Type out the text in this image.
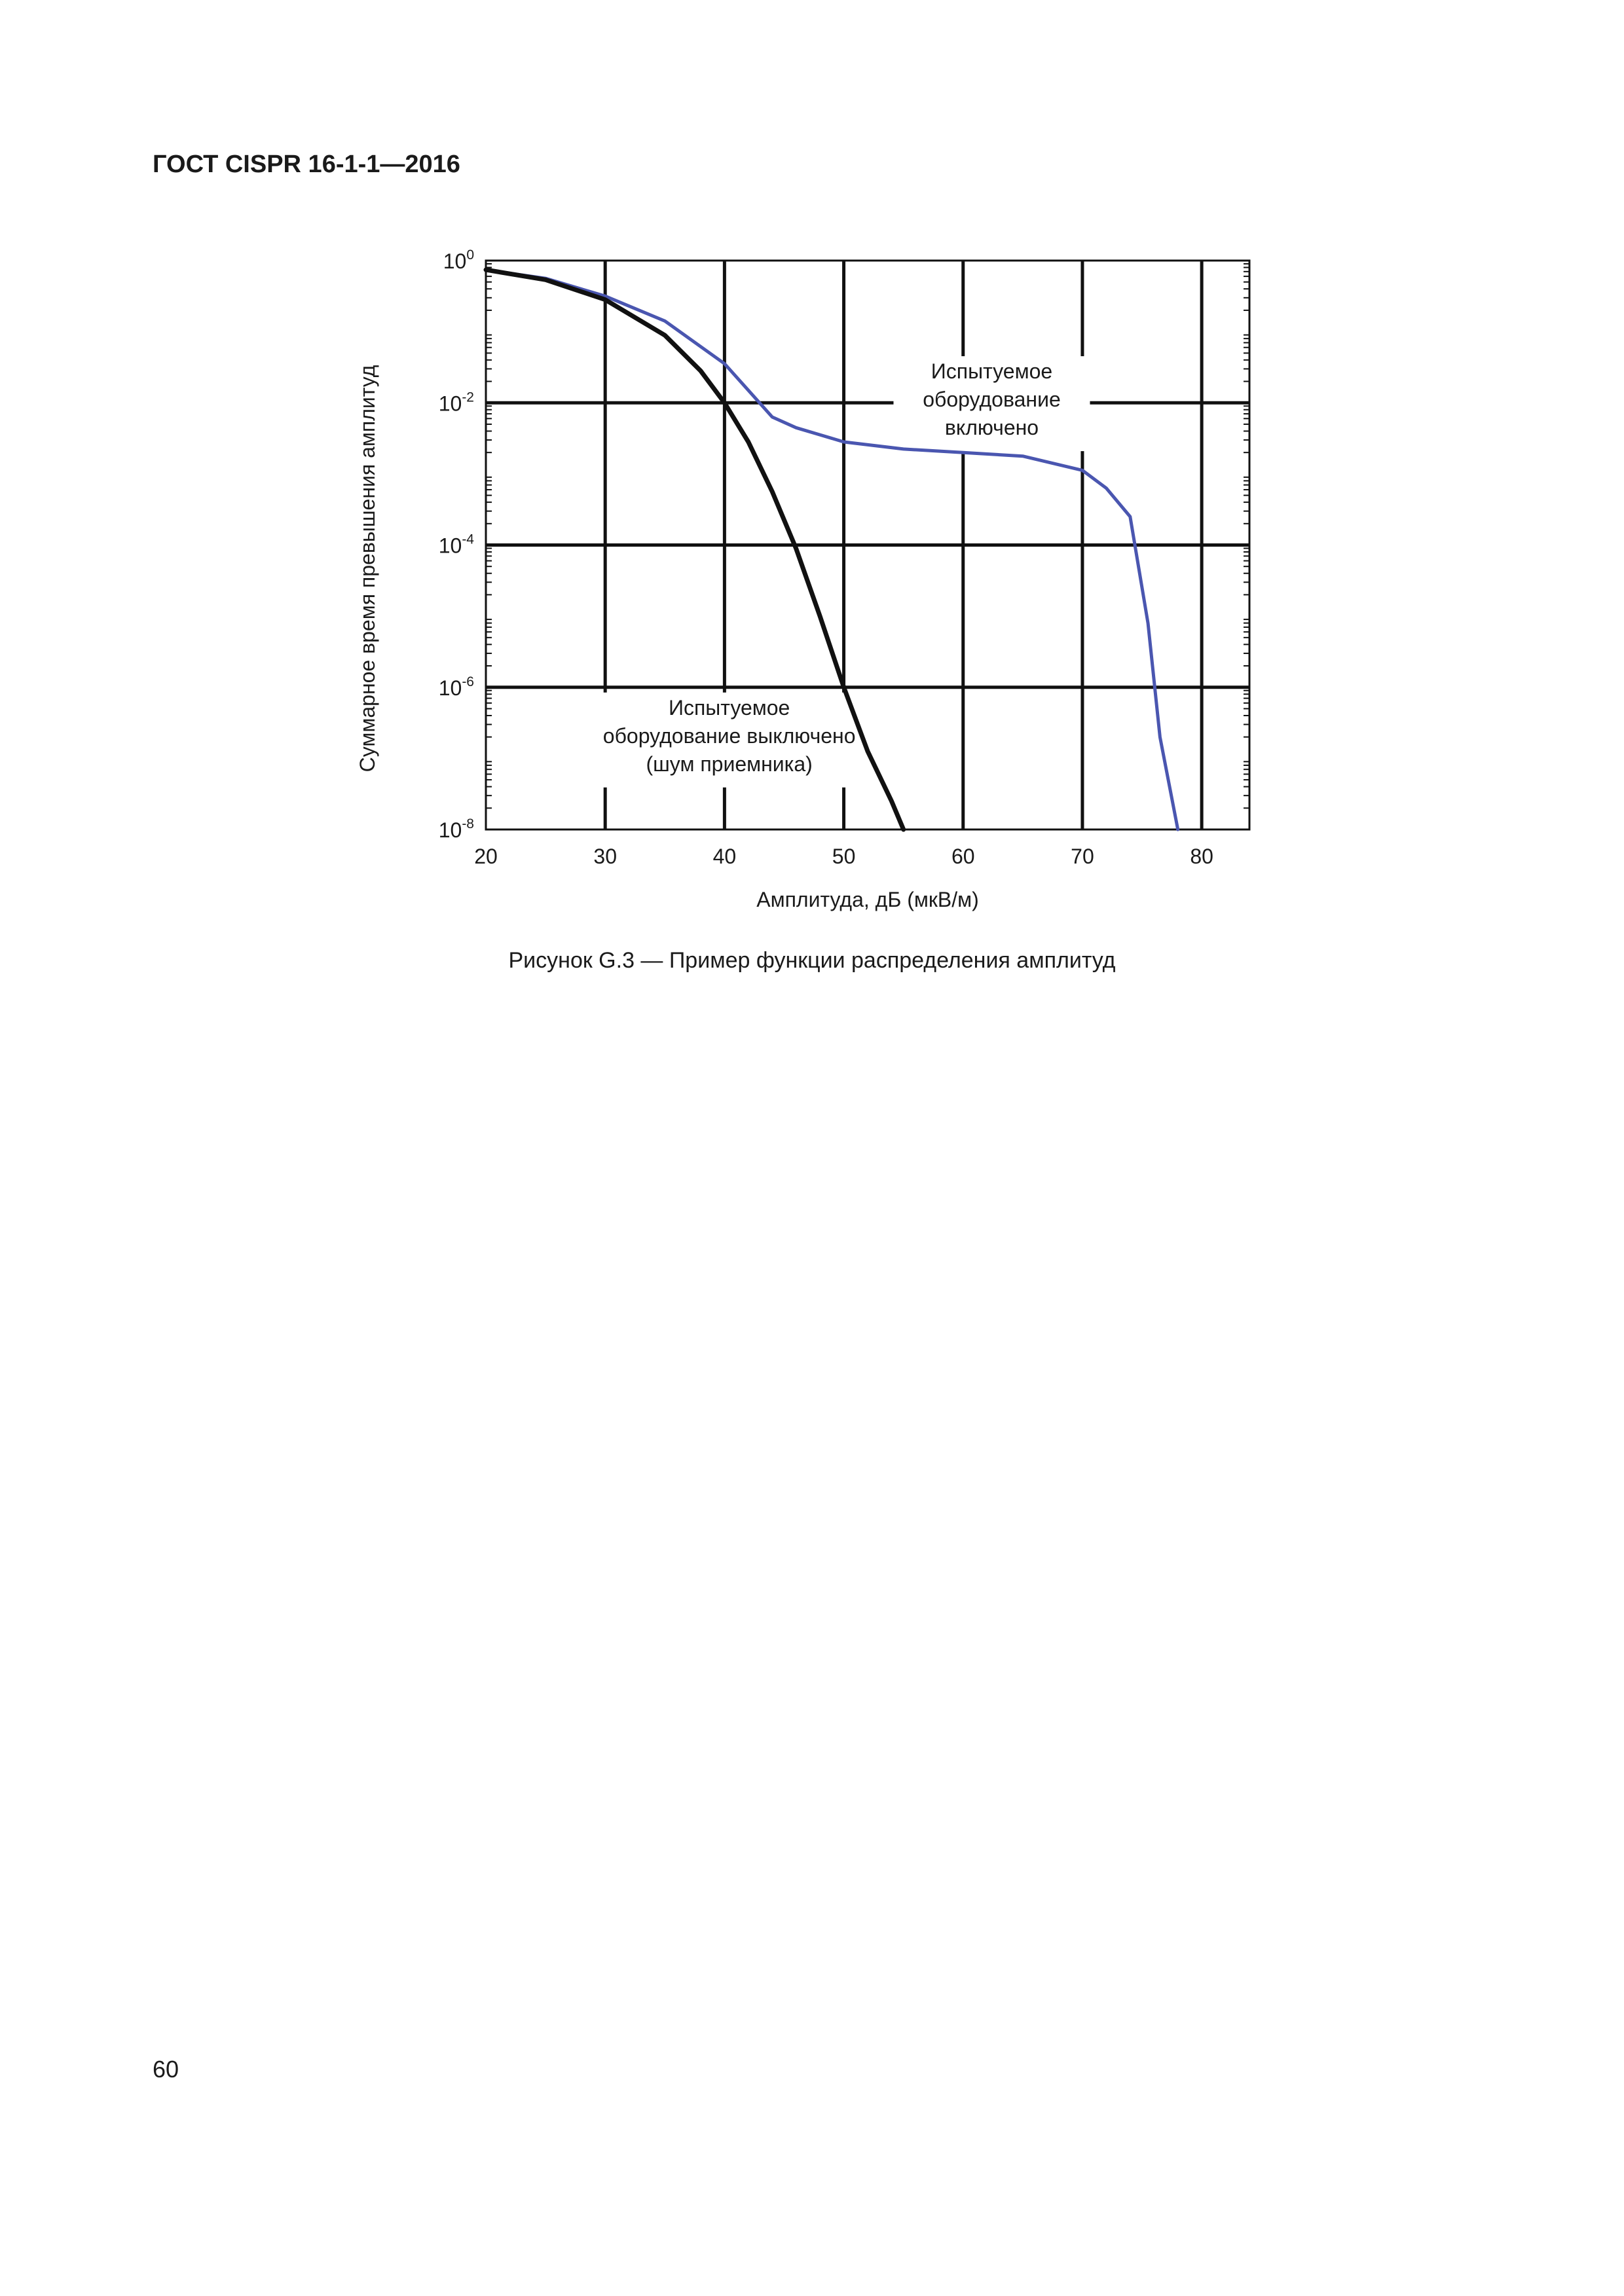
ГОСТ CISPR 16-1-1—2016
Испытуемое
оборудование
включено
Испытуемое
оборудование выключено
(шум приемника)
20	30	40	50	60	70	80
$10^0$
$10^{-2}$
$10^{-4}$
$10^{-6}$
$10^{-8}$
Амплитуда, дБ (мкВ/м)
Суммарное время превышения амплитуд
Рисунок G.3 — Пример функции распределения амплитуд
60
